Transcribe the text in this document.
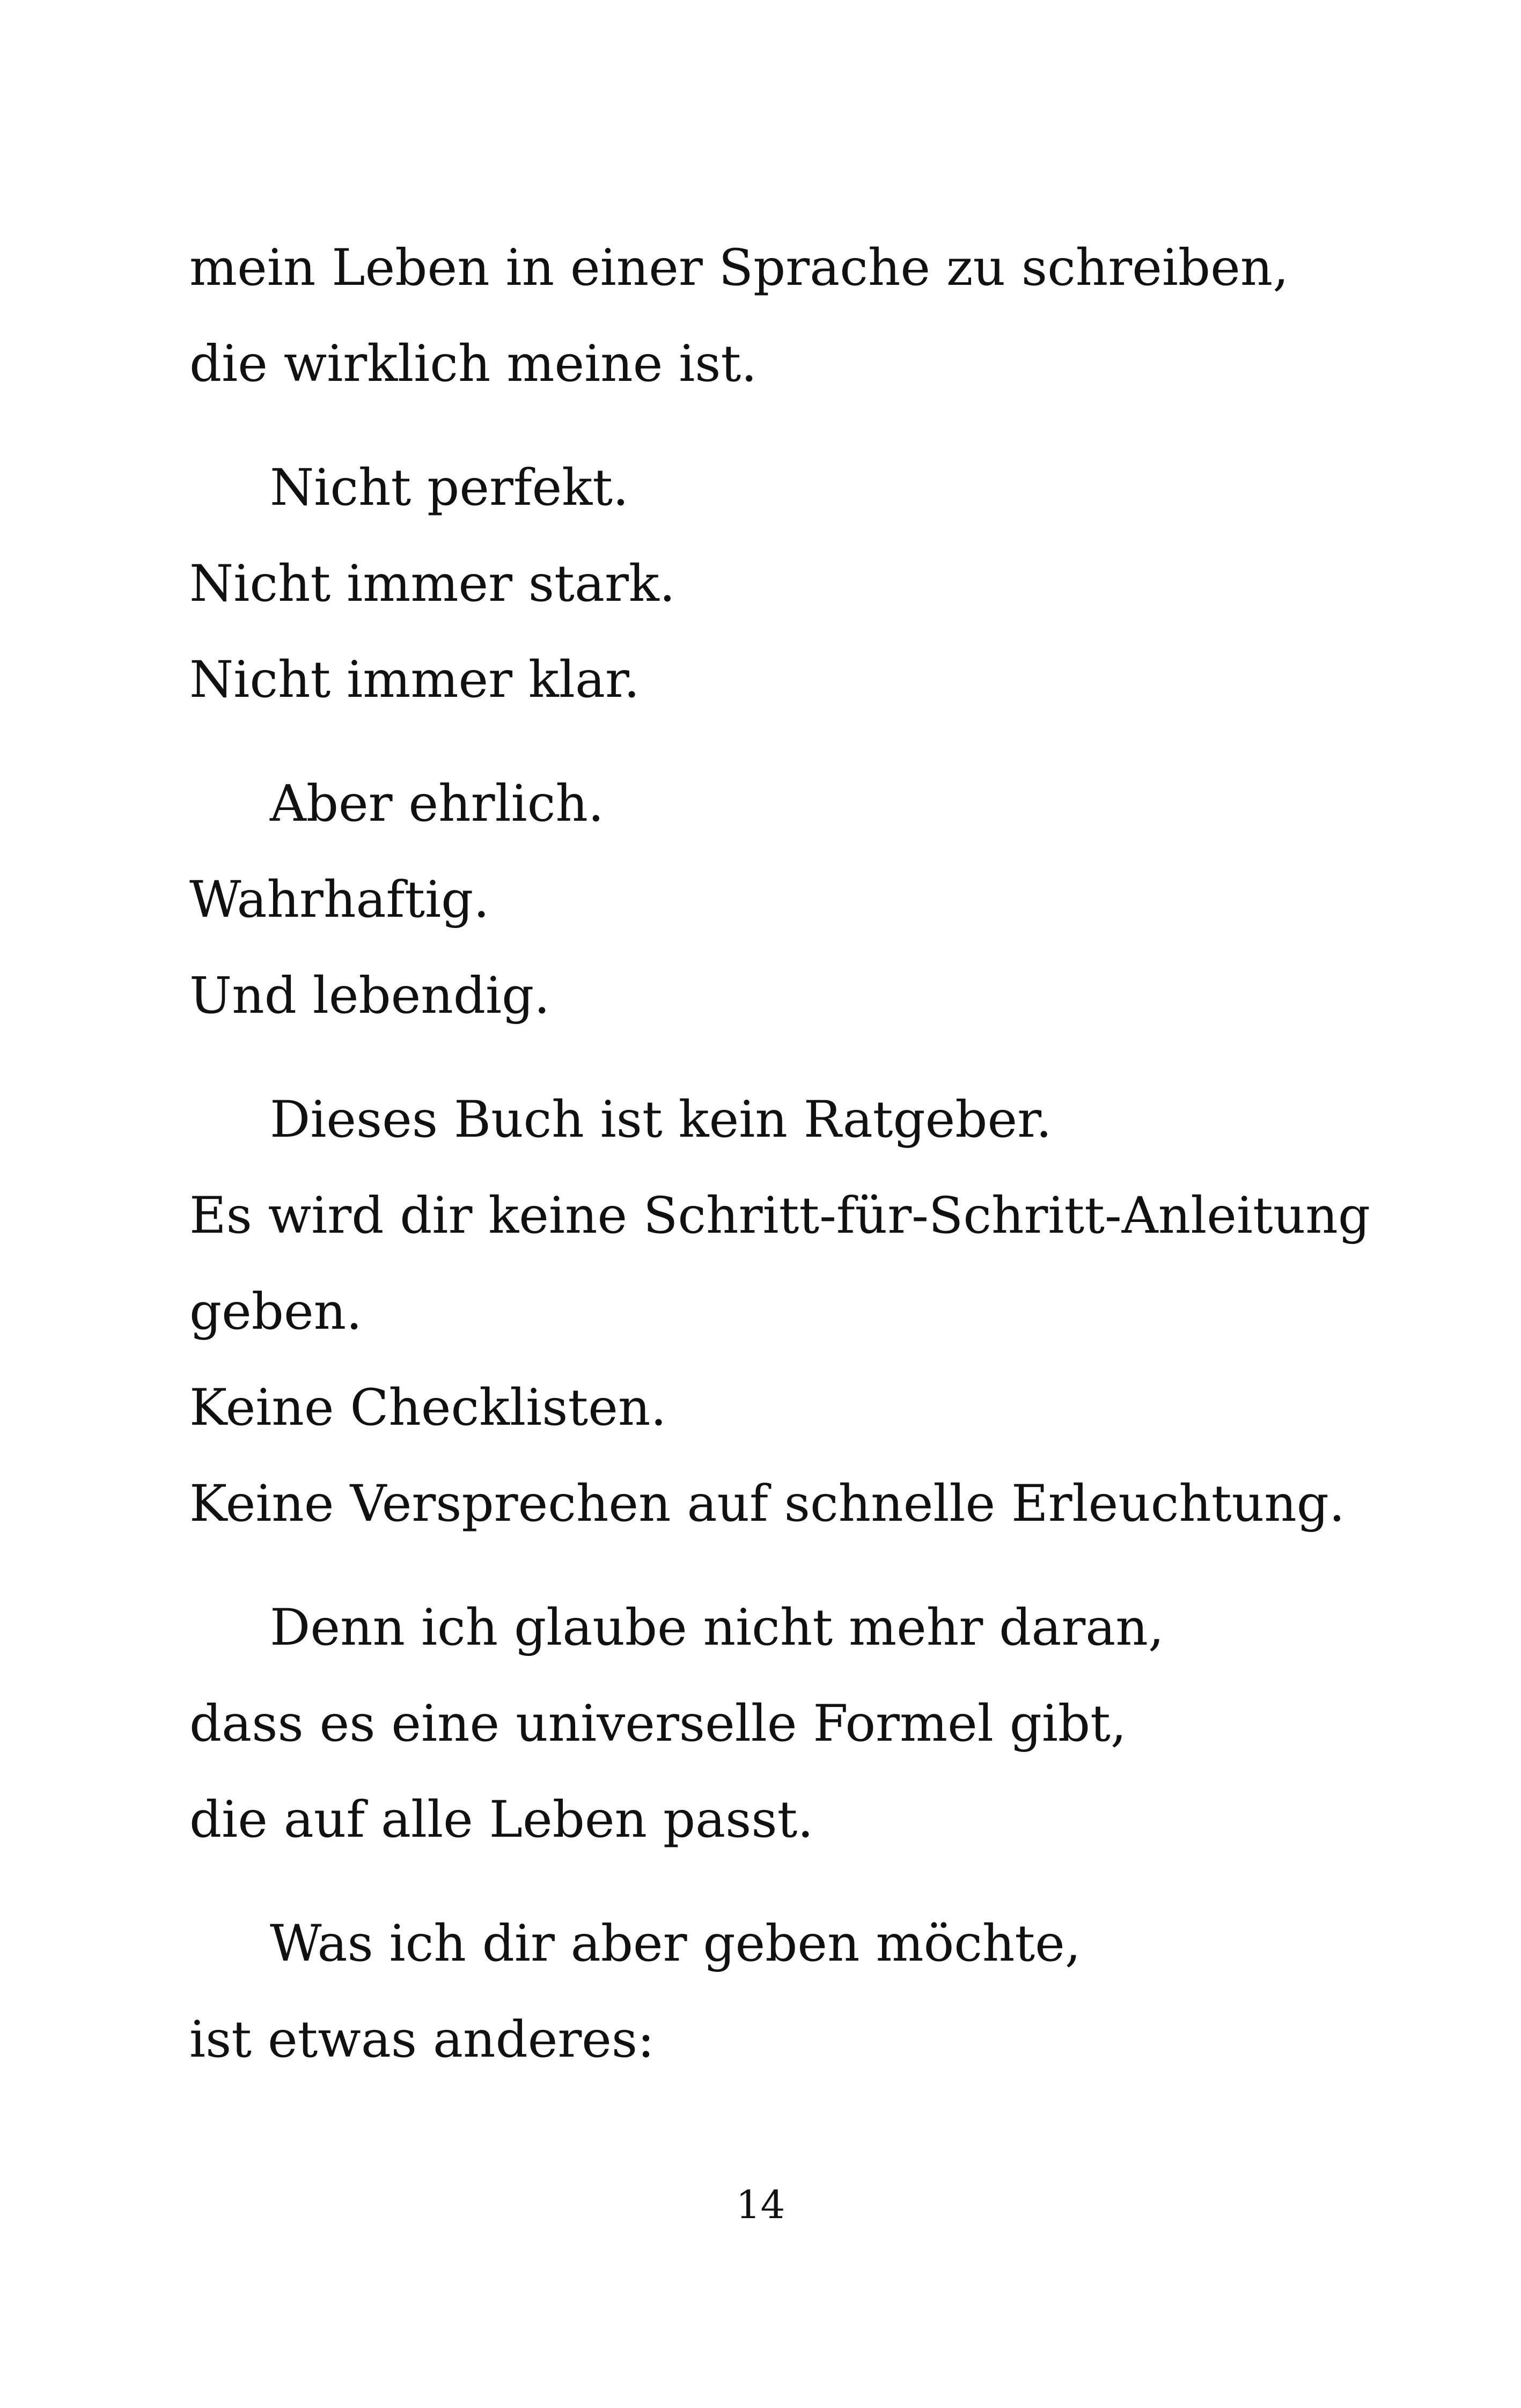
mein Leben in einer Sprache zu schreiben,
die wirklich meine ist.
Nicht perfekt.
Nicht immer stark.
Nicht immer klar.
Aber ehrlich.
Wahrhaftig.
Und lebendig.
Dieses Buch ist kein Ratgeber.
Es wird dir keine Schritt-für-Schritt-Anleitung
geben.
Keine Checklisten.
Keine Versprechen auf schnelle Erleuchtung.
Denn ich glaube nicht mehr daran,
dass es eine universelle Formel gibt,
die auf alle Leben passt.
Was ich dir aber geben möchte,
ist etwas anderes:
14
